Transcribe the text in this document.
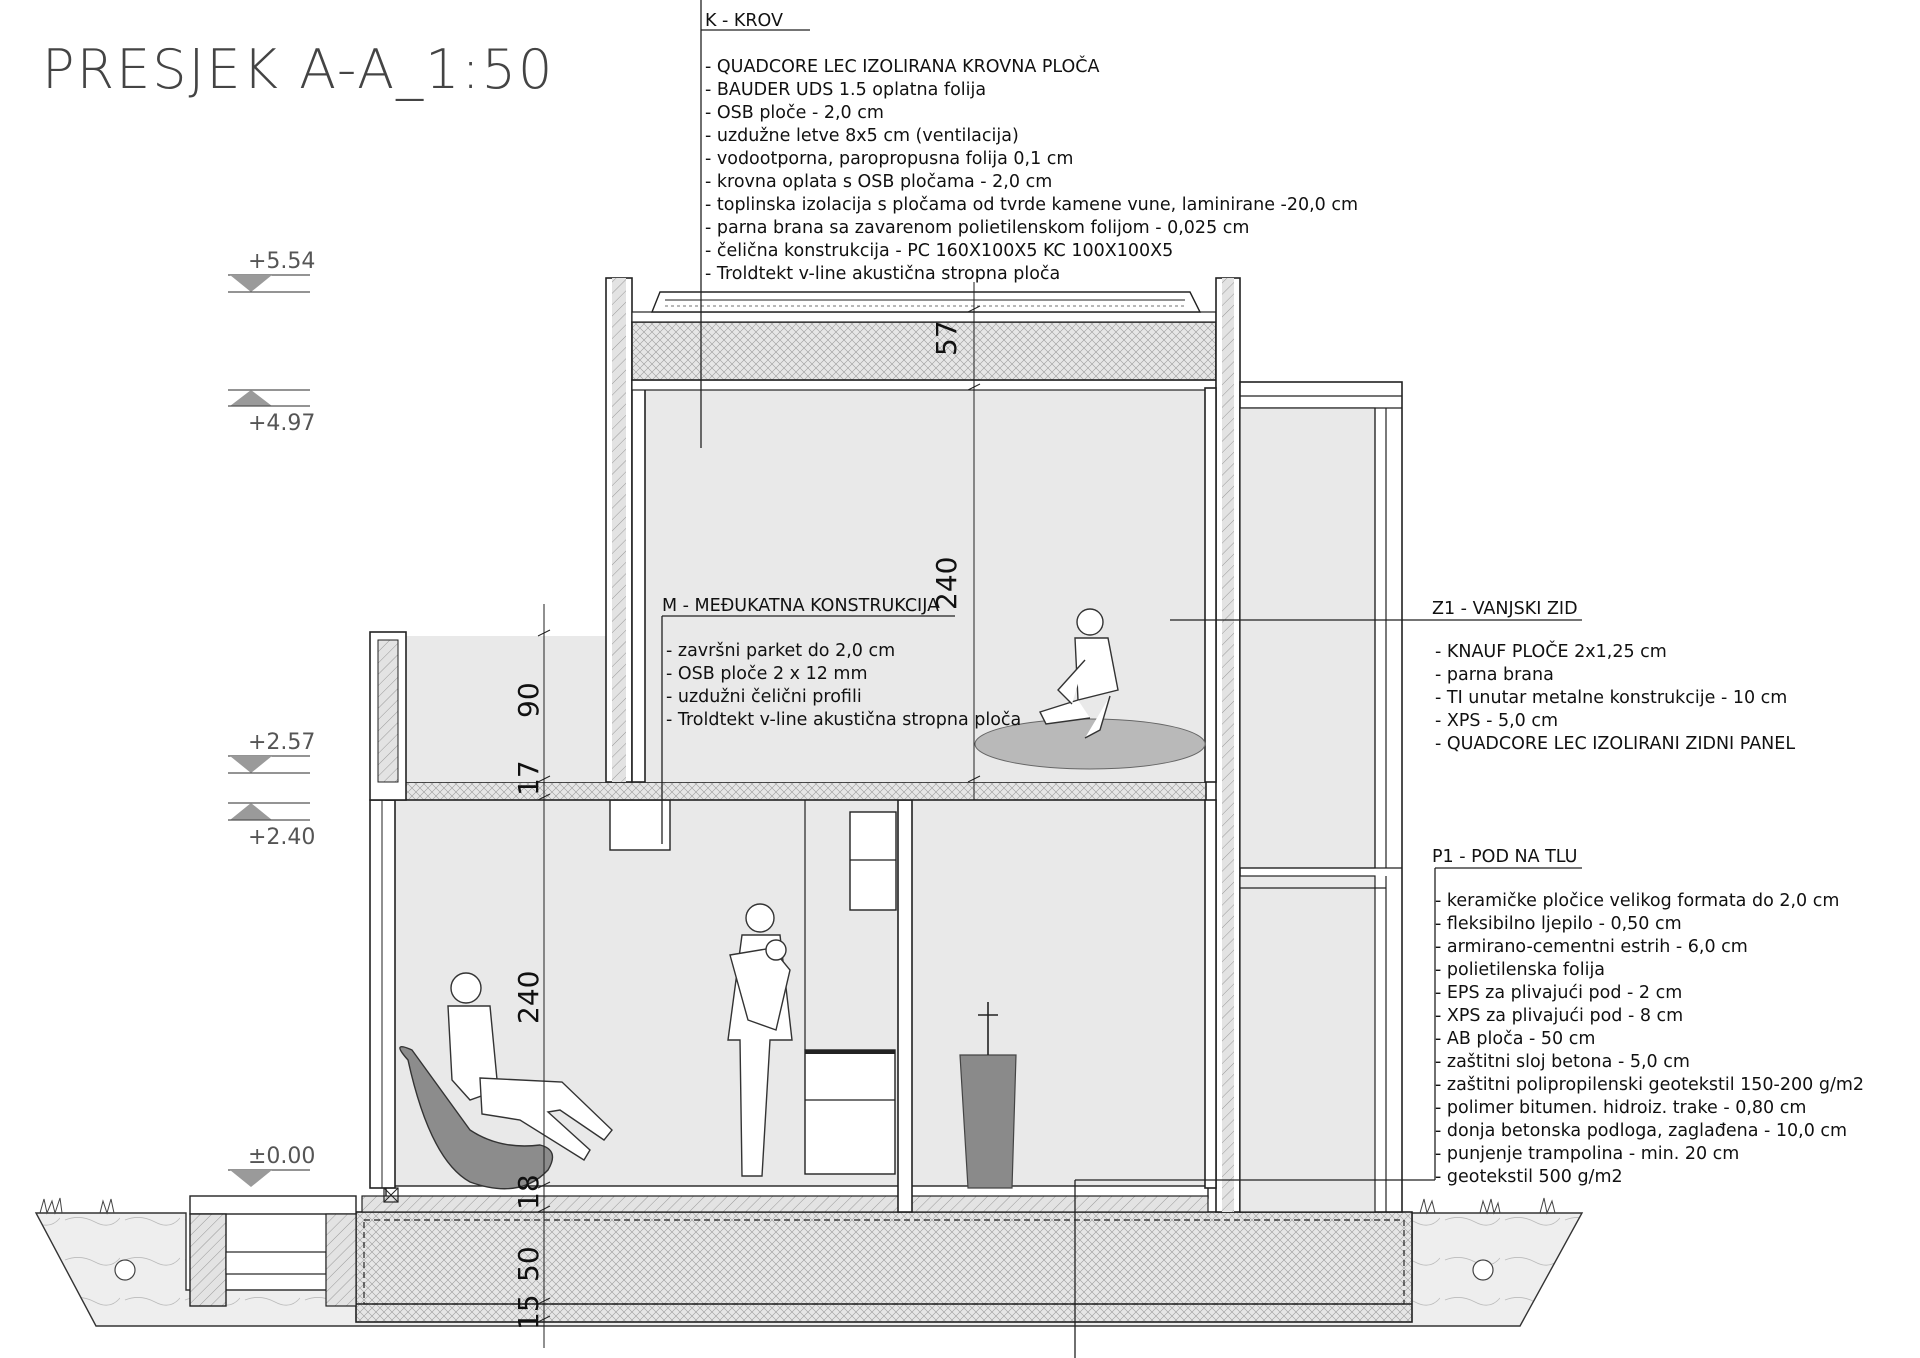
PRESJEK A-A_1:50
+5.54
+4.97
+2.57
+2.40
±0.00
57
240
90
17
240
18
50
15
K - KROV
- QUADCORE LEC IZOLIRANA KROVNA PLOČA
- BAUDER UDS 1.5 oplatna folija
- OSB ploče - 2,0 cm
- uzdužne letve 8x5 cm (ventilacija)
- vodootporna, paropropusna folija 0,1 cm
- krovna oplata s OSB pločama - 2,0 cm
- toplinska izolacija s pločama od tvrde kamene vune, laminirane -20,0 cm
- parna brana sa zavarenom polietilenskom folijom - 0,025 cm
- čelična konstrukcija - PC 160X100X5 KC 100X100X5
- Troldtekt v-line akustična stropna ploča
M - MEĐUKATNA KONSTRUKCIJA
- završni parket do 2,0 cm
- OSB ploče 2 x 12 mm
- uzdužni čelični profili
- Troldtekt v-line akustična stropna ploča
Z1 - VANJSKI ZID
- KNAUF PLOČE 2x1,25 cm
- parna brana
- TI unutar metalne konstrukcije - 10 cm
- XPS - 5,0 cm
- QUADCORE LEC IZOLIRANI ZIDNI PANEL
P1 - POD NA TLU
- keramičke pločice velikog formata do 2,0 cm
- fleksibilno ljepilo - 0,50 cm
- armirano-cementni estrih - 6,0 cm
- polietilenska folija
- EPS za plivajući pod - 2 cm
- XPS za plivajući pod - 8 cm
- AB ploča - 50 cm
- zaštitni sloj betona - 5,0 cm
- zaštitni polipropilenski geotekstil 150-200 g/m2
- polimer bitumen. hidroiz. trake - 0,80 cm
- donja betonska podloga, zaglađena - 10,0 cm
- punjenje trampolina - min. 20 cm
- geotekstil 500 g/m2
